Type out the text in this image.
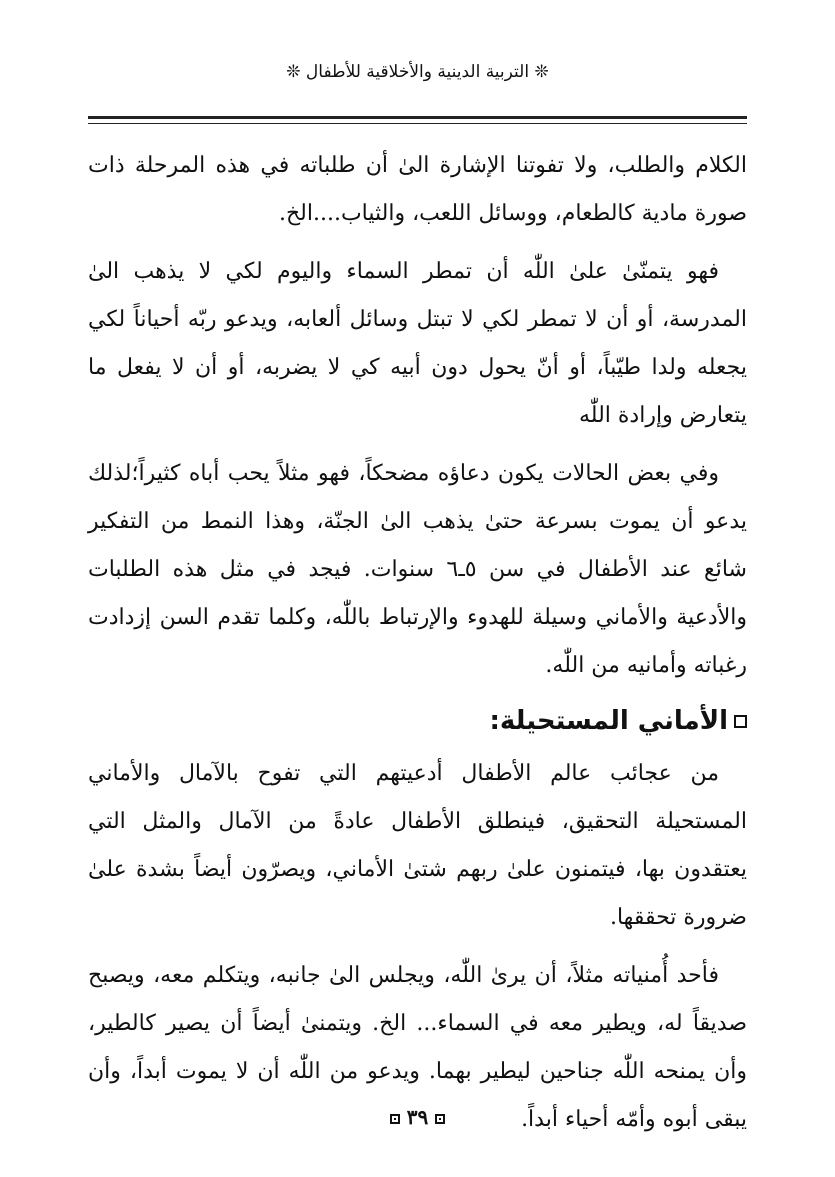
❊ التربية الدينية والأخلاقية للأطفال ❊

الكلام والطلب، ولا تفوتنا الإشارة الىٰ أن طلباته في هذه المرحلة ذات صورة مادية كالطعام، ووسائل اللعب، والثياب....الخ.

فهو يتمنّىٰ علىٰ اللّٰه أن تمطر السماء واليوم لكي لا يذهب الىٰ المدرسة، أو أن لا تمطر لكي لا تبتل وسائل ألعابه، ويدعو ربّه أحياناً لكي يجعله ولدا طيّباً، أو أنّ يحول دون أبيه كي لا يضربه، أو أن لا يفعل ما يتعارض وإرادة اللّٰه

وفي بعض الحالات يكون دعاؤه مضحكاً، فهو مثلاً يحب أباه كثيراً؛لذلك يدعو أن يموت بسرعة حتىٰ يذهب الىٰ الجنّة، وهذا النمط من التفكير شائع عند الأطفال في سن ٥ـ٦ سنوات. فيجد في مثل هذه الطلبات والأدعية والأماني وسيلة للهدوء والإرتباط باللّٰه، وكلما تقدم السن إزدادت رغباته وأمانيه من اللّٰه.

الأماني المستحيلة:

من عجائب عالم الأطفال أدعيتهم التي تفوح بالآمال والأماني المستحيلة التحقيق، فينطلق الأطفال عادةً من الآمال والمثل التي يعتقدون بها، فيتمنون علىٰ ربهم شتىٰ الأماني، ويصرّون أيضاً بشدة علىٰ ضرورة تحققها.

فأحد أُمنياته مثلاً، أن يرىٰ اللّٰه، ويجلس الىٰ جانبه، ويتكلم معه، ويصبح صديقاً له، ويطير معه في السماء... الخ. ويتمنىٰ أيضاً أن يصير كالطير، وأن يمنحه اللّٰه جناحين ليطير بهما. ويدعو من اللّٰه أن لا يموت أبداً، وأن يبقى أبوه وأمّه أحياء أبداً.

٣٩
